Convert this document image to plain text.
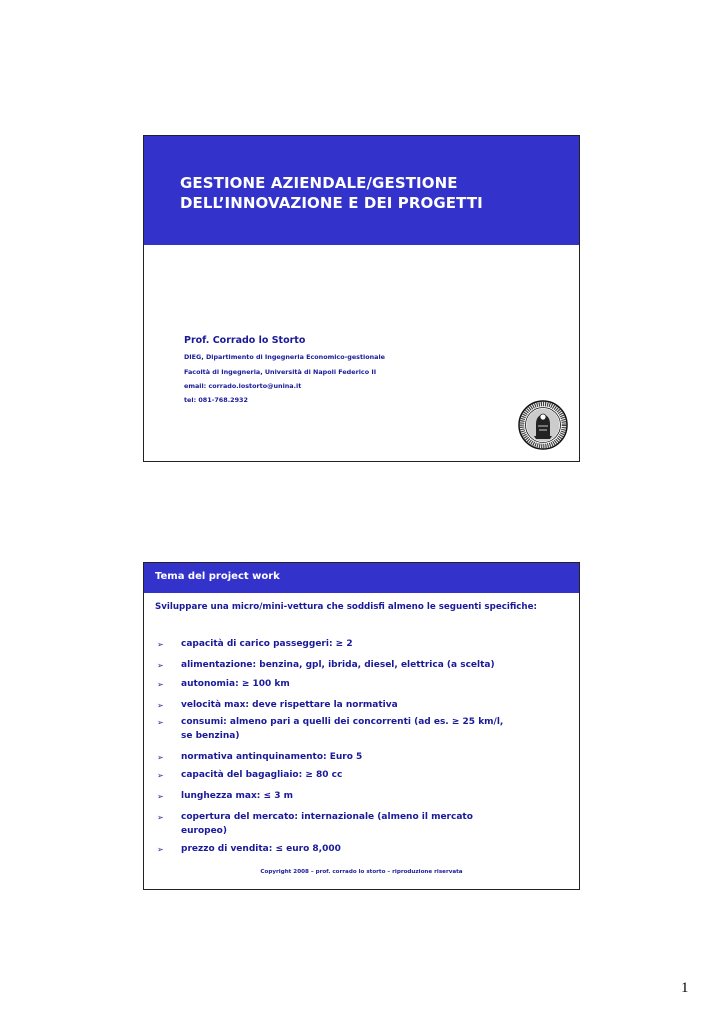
GESTIONE AZIENDALE/GESTIONE
DELL’INNOVAZIONE E DEI PROGETTI
Prof. Corrado lo Storto
DIEG, Dipartimento di Ingegneria Economico-gestionale
Facoltà di Ingegneria, Università di Napoli Federico II
email: corrado.lostorto@unina.it
tel: 081-768.2932
Tema del project work
Sviluppare una micro/mini-vettura che soddisfi almeno le seguenti specifiche:
➢ capacità di carico passeggeri: ≥ 2
➢ alimentazione: benzina, gpl, ibrida, diesel, elettrica (a scelta)
➢ autonomia: ≥ 100 km
➢ velocità max: deve rispettare la normativa
➢ consumi: almeno pari a quelli dei concorrenti (ad es. ≥ 25 km/l,
se benzina)
➢ normativa antinquinamento: Euro 5
➢ capacità del bagagliaio: ≥ 80 cc
➢ lunghezza max: ≤ 3 m
➢ copertura del mercato: internazionale (almeno il mercato
europeo)
➢ prezzo di vendita: ≤ euro 8,000
Copyright 2008 – prof. corrado lo storto – riproduzione riservata
1
